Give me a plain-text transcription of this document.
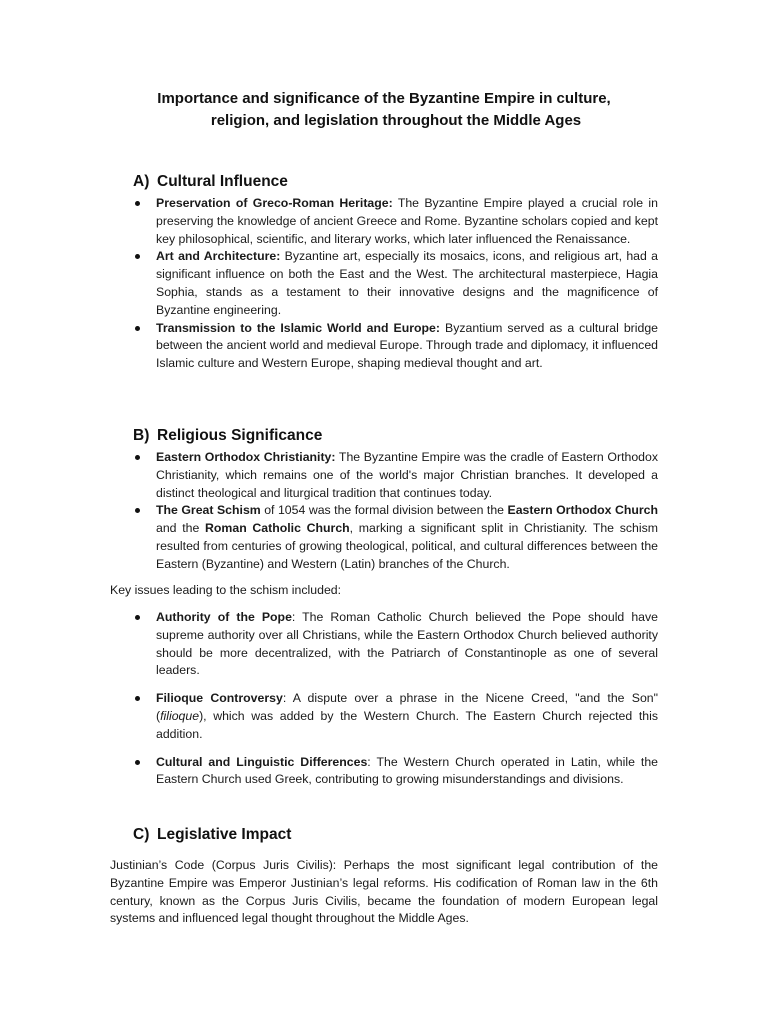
Importance and significance of the Byzantine Empire in culture,
religion, and legislation throughout the Middle Ages
A) Cultural Influence
Preservation of Greco-Roman Heritage: The Byzantine Empire played a crucial role in preserving the knowledge of ancient Greece and Rome. Byzantine scholars copied and kept key philosophical, scientific, and literary works, which later influenced the Renaissance.
Art and Architecture: Byzantine art, especially its mosaics, icons, and religious art, had a significant influence on both the East and the West. The architectural masterpiece, Hagia Sophia, stands as a testament to their innovative designs and the magnificence of Byzantine engineering.
Transmission to the Islamic World and Europe: Byzantium served as a cultural bridge between the ancient world and medieval Europe. Through trade and diplomacy, it influenced Islamic culture and Western Europe, shaping medieval thought and art.
B) Religious Significance
Eastern Orthodox Christianity: The Byzantine Empire was the cradle of Eastern Orthodox Christianity, which remains one of the world's major Christian branches. It developed a distinct theological and liturgical tradition that continues today.
The Great Schism of 1054 was the formal division between the Eastern Orthodox Church and the Roman Catholic Church, marking a significant split in Christianity. The schism resulted from centuries of growing theological, political, and cultural differences between the Eastern (Byzantine) and Western (Latin) branches of the Church.

Key issues leading to the schism included:

Authority of the Pope: The Roman Catholic Church believed the Pope should have supreme authority over all Christians, while the Eastern Orthodox Church believed authority should be more decentralized, with the Patriarch of Constantinople as one of several leaders.
Filioque Controversy: A dispute over a phrase in the Nicene Creed, "and the Son" (filioque), which was added by the Western Church. The Eastern Church rejected this addition.
Cultural and Linguistic Differences: The Western Church operated in Latin, while the Eastern Church used Greek, contributing to growing misunderstandings and divisions.
C) Legislative Impact

Justinian’s Code (Corpus Juris Civilis): Perhaps the most significant legal contribution of the Byzantine Empire was Emperor Justinian’s legal reforms. His codification of Roman law in the 6th century, known as the Corpus Juris Civilis, became the foundation of modern European legal systems and influenced legal thought throughout the Middle Ages.
